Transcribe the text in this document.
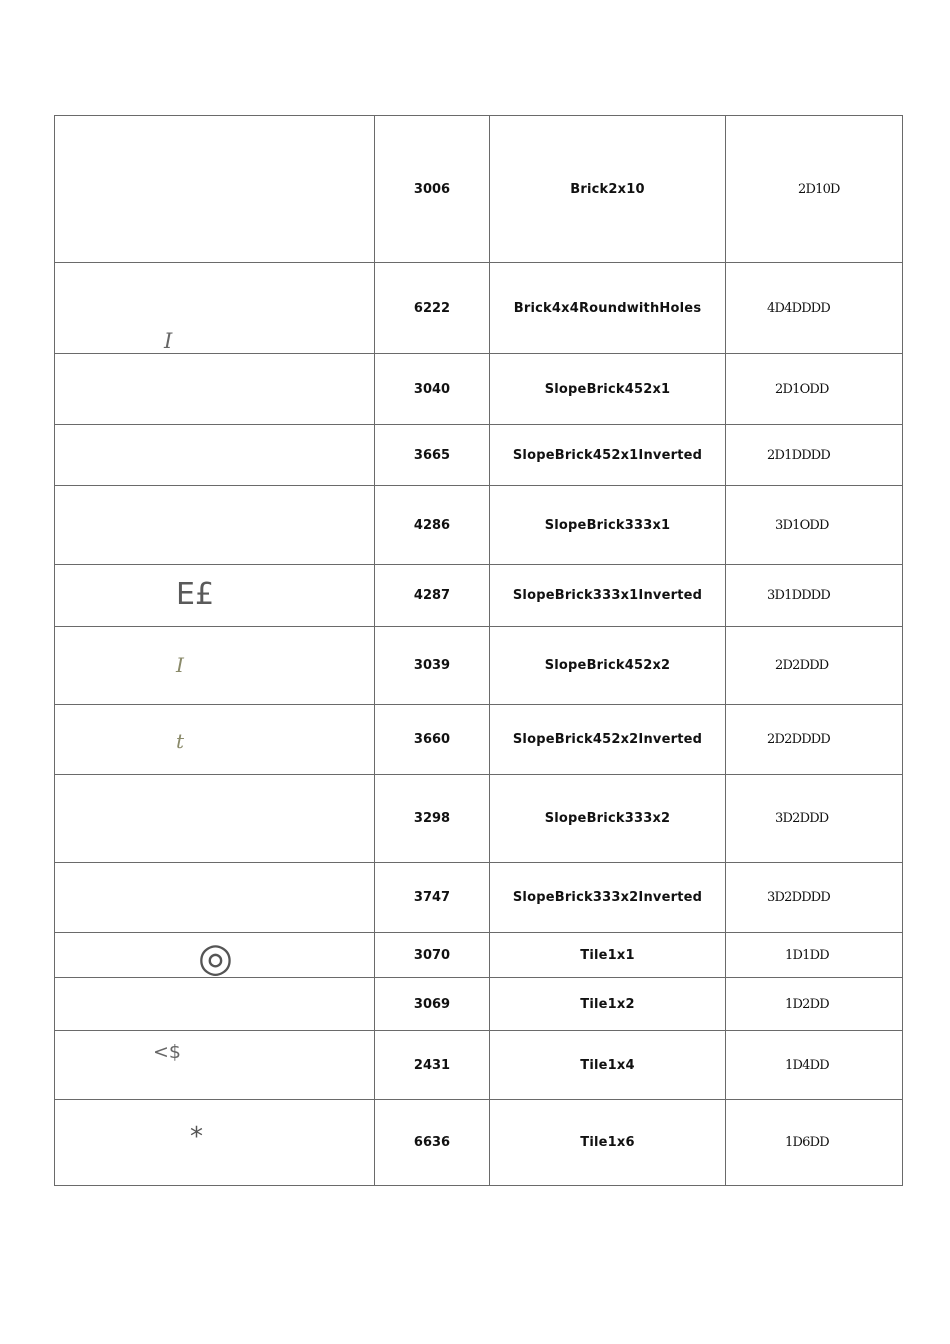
	3006	Brick2x10	2D10D

I	6222	Brick4x4RoundwithHoles	4D4DDDD
	3040	SlopeBrick452x1	2D1ODD
	3665	SlopeBrick452x1Inverted	2D1DDDD
	4286	SlopeBrick333x1	3D1ODD

E£	4287	SlopeBrick333x1Inverted	3D1DDDD

I	3039	SlopeBrick452x2	2D2DDD

t	3660	SlopeBrick452x2Inverted	2D2DDDD
	3298	SlopeBrick333x2	3D2DDD
	3747	SlopeBrick333x2Inverted	3D2DDDD

◎	3070	Tile1x1	1D1DD
	3069	Tile1x2	1D2DD

<$	2431	Tile1x4	1D4DD

*	6636	Tile1x6	1D6DD
